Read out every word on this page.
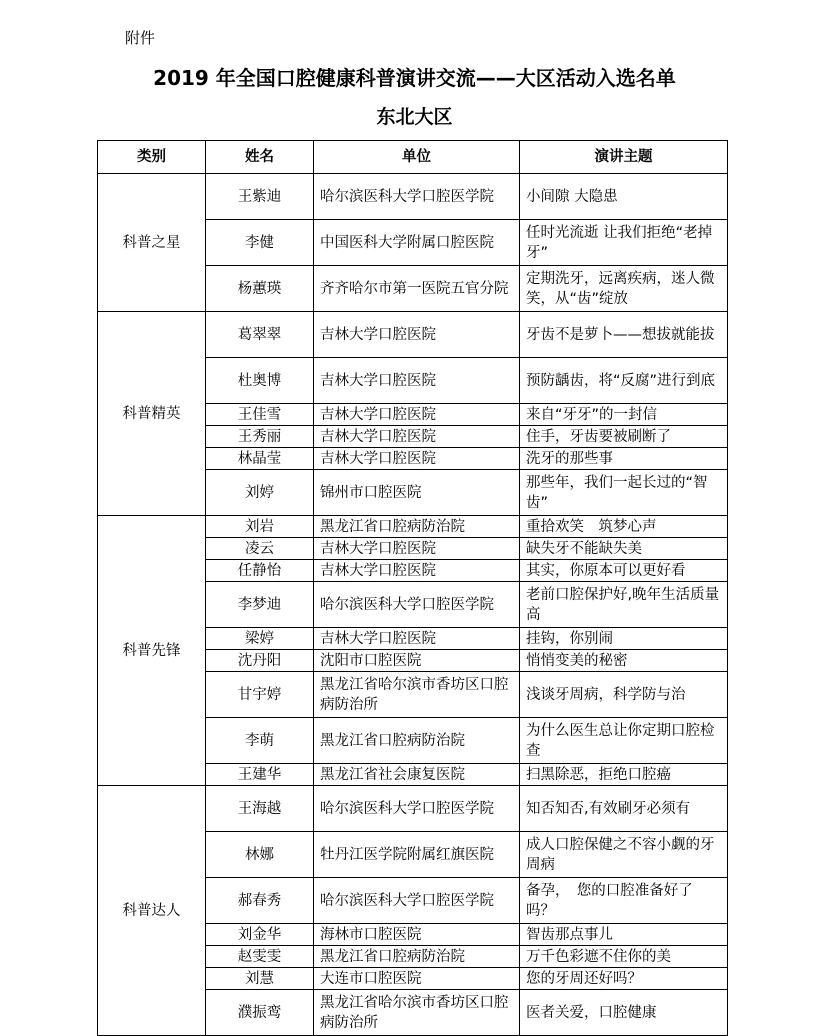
附件
2019 年全国口腔健康科普演讲交流——大区活动入选名单
东北大区
类别	姓名	单位	演讲主题
科普之星	王紫迪	哈尔滨医科大学口腔医学院	小间隙 大隐患
	李健	中国医科大学附属口腔医院	任时光流逝 让我们拒绝“老掉牙”
	杨蕙瑛	齐齐哈尔市第一医院五官分院	定期洗牙，远离疾病，迷人微笑，从“齿”绽放
科普精英	葛翠翠	吉林大学口腔医院	牙齿不是萝卜——想拔就能拔
	杜奥博	吉林大学口腔医院	预防龋齿，将“反腐”进行到底
	王佳雪	吉林大学口腔医院	来自“牙牙”的一封信
	王秀丽	吉林大学口腔医院	住手，牙齿要被刷断了
	林晶莹	吉林大学口腔医院	洗牙的那些事
	刘婷	锦州市口腔医院	那些年，我们一起长过的“智齿”
科普先锋	刘岩	黑龙江省口腔病防治院	重拾欢笑　筑梦心声
	凌云	吉林大学口腔医院	缺失牙不能缺失美
	任静怡	吉林大学口腔医院	其实，你原本可以更好看
	李梦迪	哈尔滨医科大学口腔医学院	老前口腔保护好,晚年生活质量高
	梁婷	吉林大学口腔医院	挂钩，你别闹
	沈丹阳	沈阳市口腔医院	悄悄变美的秘密
	甘宇婷	黑龙江省哈尔滨市香坊区口腔病防治所	浅谈牙周病，科学防与治
	李萌	黑龙江省口腔病防治院	为什么医生总让你定期口腔检查
	王建华	黑龙江省社会康复医院	扫黑除恶，拒绝口腔癌
科普达人	王海越	哈尔滨医科大学口腔医学院	知否知否,有效刷牙必须有
	林娜	牡丹江医学院附属红旗医院	成人口腔保健之不容小觑的牙周病
	郝春秀	哈尔滨医科大学口腔医学院	备孕，　您的口腔准备好了吗？
	刘金华	海林市口腔医院	智齿那点事儿
	赵雯雯	黑龙江省口腔病防治院	万千色彩遮不住你的美
	刘慧	大连市口腔医院	您的牙周还好吗？
	濮振鸾	黑龙江省哈尔滨市香坊区口腔病防治所	医者关爱，口腔健康
